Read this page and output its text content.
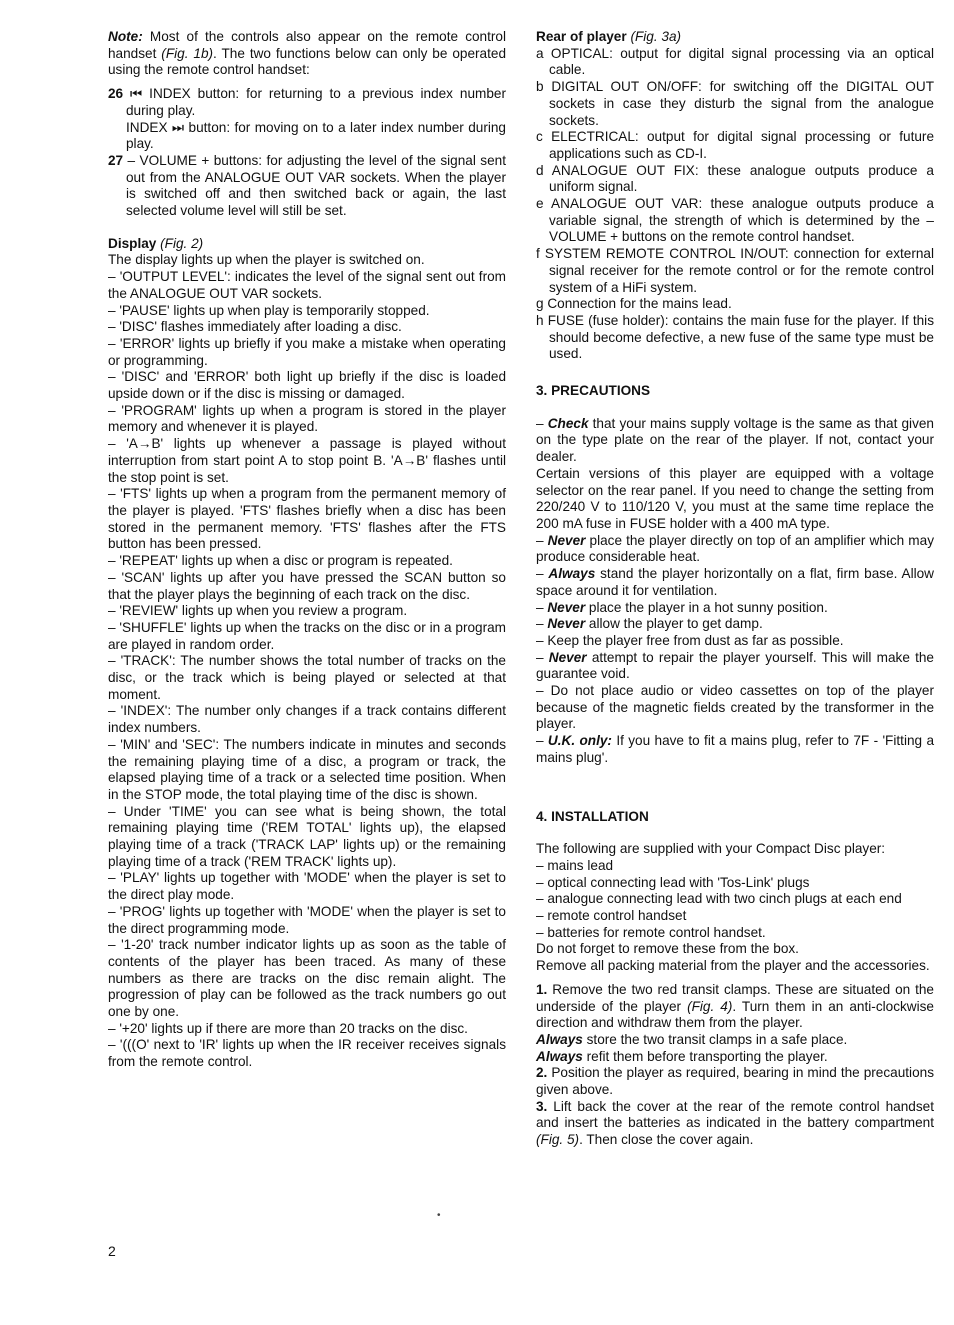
Note: Most of the controls also appear on the remote control handset (Fig. 1b). The two functions below can only be operated using the remote control handset:

26 ⏮ INDEX button: for returning to a previous index number during play.

INDEX ⏭ button: for moving on to a later index number during play.

27 – VOLUME + buttons: for adjusting the level of the signal sent out from the ANALOGUE OUT VAR sockets. When the player is switched off and then switched back or again, the last selected volume level will still be set.

Display (Fig. 2)

The display lights up when the player is switched on.

– 'OUTPUT LEVEL': indicates the level of the signal sent out from the ANALOGUE OUT VAR sockets.

– 'PAUSE' lights up when play is temporarily stopped.

– 'DISC' flashes immediately after loading a disc.

– 'ERROR' lights up briefly if you make a mistake when operating or programming.

– 'DISC' and 'ERROR' both light up briefly if the disc is loaded upside down or if the disc is missing or damaged.

– 'PROGRAM' lights up when a program is stored in the player memory and whenever it is played.

– 'A→B' lights up whenever a passage is played without interruption from start point A to stop point B. 'A→B' flashes until the stop point is set.

– 'FTS' lights up when a program from the permanent memory of the player is played. 'FTS' flashes briefly when a disc has been stored in the permanent memory. 'FTS' flashes after the FTS button has been pressed.

– 'REPEAT' lights up when a disc or program is repeated.

– 'SCAN' lights up after you have pressed the SCAN button so that the player plays the beginning of each track on the disc.

– 'REVIEW' lights up when you review a program.

– 'SHUFFLE' lights up when the tracks on the disc or in a program are played in random order.

– 'TRACK': The number shows the total number of tracks on the disc, or the track which is being played or selected at that moment.

– 'INDEX': The number only changes if a track contains different index numbers.

– 'MIN' and 'SEC': The numbers indicate in minutes and seconds the remaining playing time of a disc, a program or track, the elapsed playing time of a track or a selected time position. When in the STOP mode, the total playing time of the disc is shown.

– Under 'TIME' you can see what is being shown, the total remaining playing time ('REM TOTAL' lights up), the elapsed playing time of a track ('TRACK LAP' lights up) or the remaining playing time of a track ('REM TRACK' lights up).

– 'PLAY' lights up together with 'MODE' when the player is set to the direct play mode.

– 'PROG' lights up together with 'MODE' when the player is set to the direct programming mode.

– '1-20' track number indicator lights up as soon as the table of contents of the player has been traced. As many of these numbers as there are tracks on the disc remain alight. The progression of play can be followed as the track numbers go out one by one.

– '+20' lights up if there are more than 20 tracks on the disc.

– '(((O' next to 'IR' lights up when the IR receiver receives signals from the remote control.

Rear of player (Fig. 3a)

a OPTICAL: output for digital signal processing via an optical cable.

b DIGITAL OUT ON/OFF: for switching off the DIGITAL OUT sockets in case they disturb the signal from the analogue sockets.

c ELECTRICAL: output for digital signal processing or future applications such as CD-I.

d ANALOGUE OUT FIX: these analogue outputs produce a uniform signal.

e ANALOGUE OUT VAR: these analogue outputs produce a variable signal, the strength of which is determined by the – VOLUME + buttons on the remote control handset.

f SYSTEM REMOTE CONTROL IN/OUT: connection for external signal receiver for the remote control or for the remote control system of a HiFi system.

g Connection for the mains lead.

h FUSE (fuse holder): contains the main fuse for the player. If this should become defective, a new fuse of the same type must be used.

3. PRECAUTIONS

– Check that your mains supply voltage is the same as that given on the type plate on the rear of the player. If not, contact your dealer.

Certain versions of this player are equipped with a voltage selector on the rear panel. If you need to change the setting from 220/240 V to 110/120 V, you must at the same time replace the 200 mA fuse in FUSE holder with a 400 mA type.

– Never place the player directly on top of an amplifier which may produce considerable heat.

– Always stand the player horizontally on a flat, firm base. Allow space around it for ventilation.

– Never place the player in a hot sunny position.

– Never allow the player to get damp.

– Keep the player free from dust as far as possible.

– Never attempt to repair the player yourself. This will make the guarantee void.

– Do not place audio or video cassettes on top of the player because of the magnetic fields created by the transformer in the player.

– U.K. only: If you have to fit a mains plug, refer to 7F - 'Fitting a mains plug'.

4. INSTALLATION

The following are supplied with your Compact Disc player:

– mains lead

– optical connecting lead with 'Tos-Link' plugs

– analogue connecting lead with two cinch plugs at each end

– remote control handset

– batteries for remote control handset.

Do not forget to remove these from the box.

Remove all packing material from the player and the accessories.

1. Remove the two red transit clamps. These are situated on the underside of the player (Fig. 4). Turn them in an anti-clockwise direction and withdraw them from the player.

Always store the two transit clamps in a safe place.

Always refit them before transporting the player.

2. Position the player as required, bearing in mind the precautions given above.

3. Lift back the cover at the rear of the remote control handset and insert the batteries as indicated in the battery compartment (Fig. 5). Then close the cover again.

•
2
